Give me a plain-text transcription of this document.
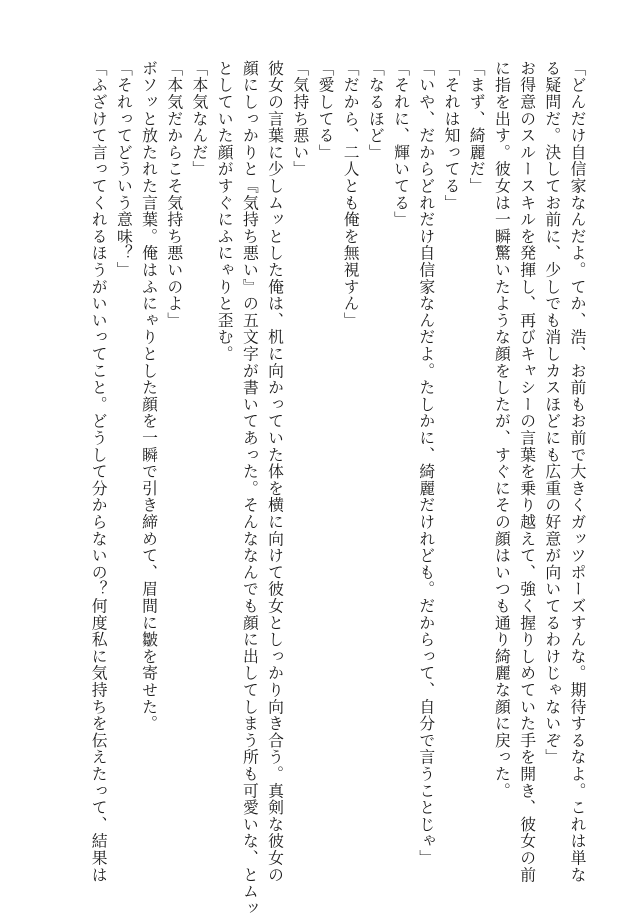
「どんだけ自信家なんだよ。てか、浩、お前もお前で大きくガッツポーズすんな。期待するなよ。これは単な
る疑問だ。決してお前に、少しでも消しカスほどにも広重の好意が向いてるわけじゃないぞ」
お得意のスルースキルを発揮し、再びキャシーの言葉を乗り越えて、強く握りしめていた手を開き、彼女の前
に指を出す。彼女は一瞬驚いたような顔をしたが、すぐにその顔はいつも通り綺麗な顔に戻った。
「まず、綺麗だ」
「それは知ってる」
「いや、だからどれだけ自信家なんだよ。たしかに、綺麗だけれども。だからって、自分で言うことじゃ」
「それに、輝いてる」
「なるほど」
「だから、二人とも俺を無視すん」
「愛してる」
「気持ち悪い」
彼女の言葉に少しムッとした俺は、机に向かっていた体を横に向けて彼女としっかり向き合う。真剣な彼女の
顔にしっかりと『気持ち悪い』の五文字が書いてあった。そんななんでも顔に出してしまう所も可愛いな、とムッ
としていた顔がすぐにふにゃりと歪む。
「本気なんだ」
「本気だからこそ気持ち悪いのよ」
ボソッと放たれた言葉。俺はふにゃりとした顔を一瞬で引き締めて、眉間に皺を寄せた。
「それってどういう意味？」
「ふざけて言ってくれるほうがいいってこと。どうして分からないの？何度私に気持ちを伝えたって、結果は
